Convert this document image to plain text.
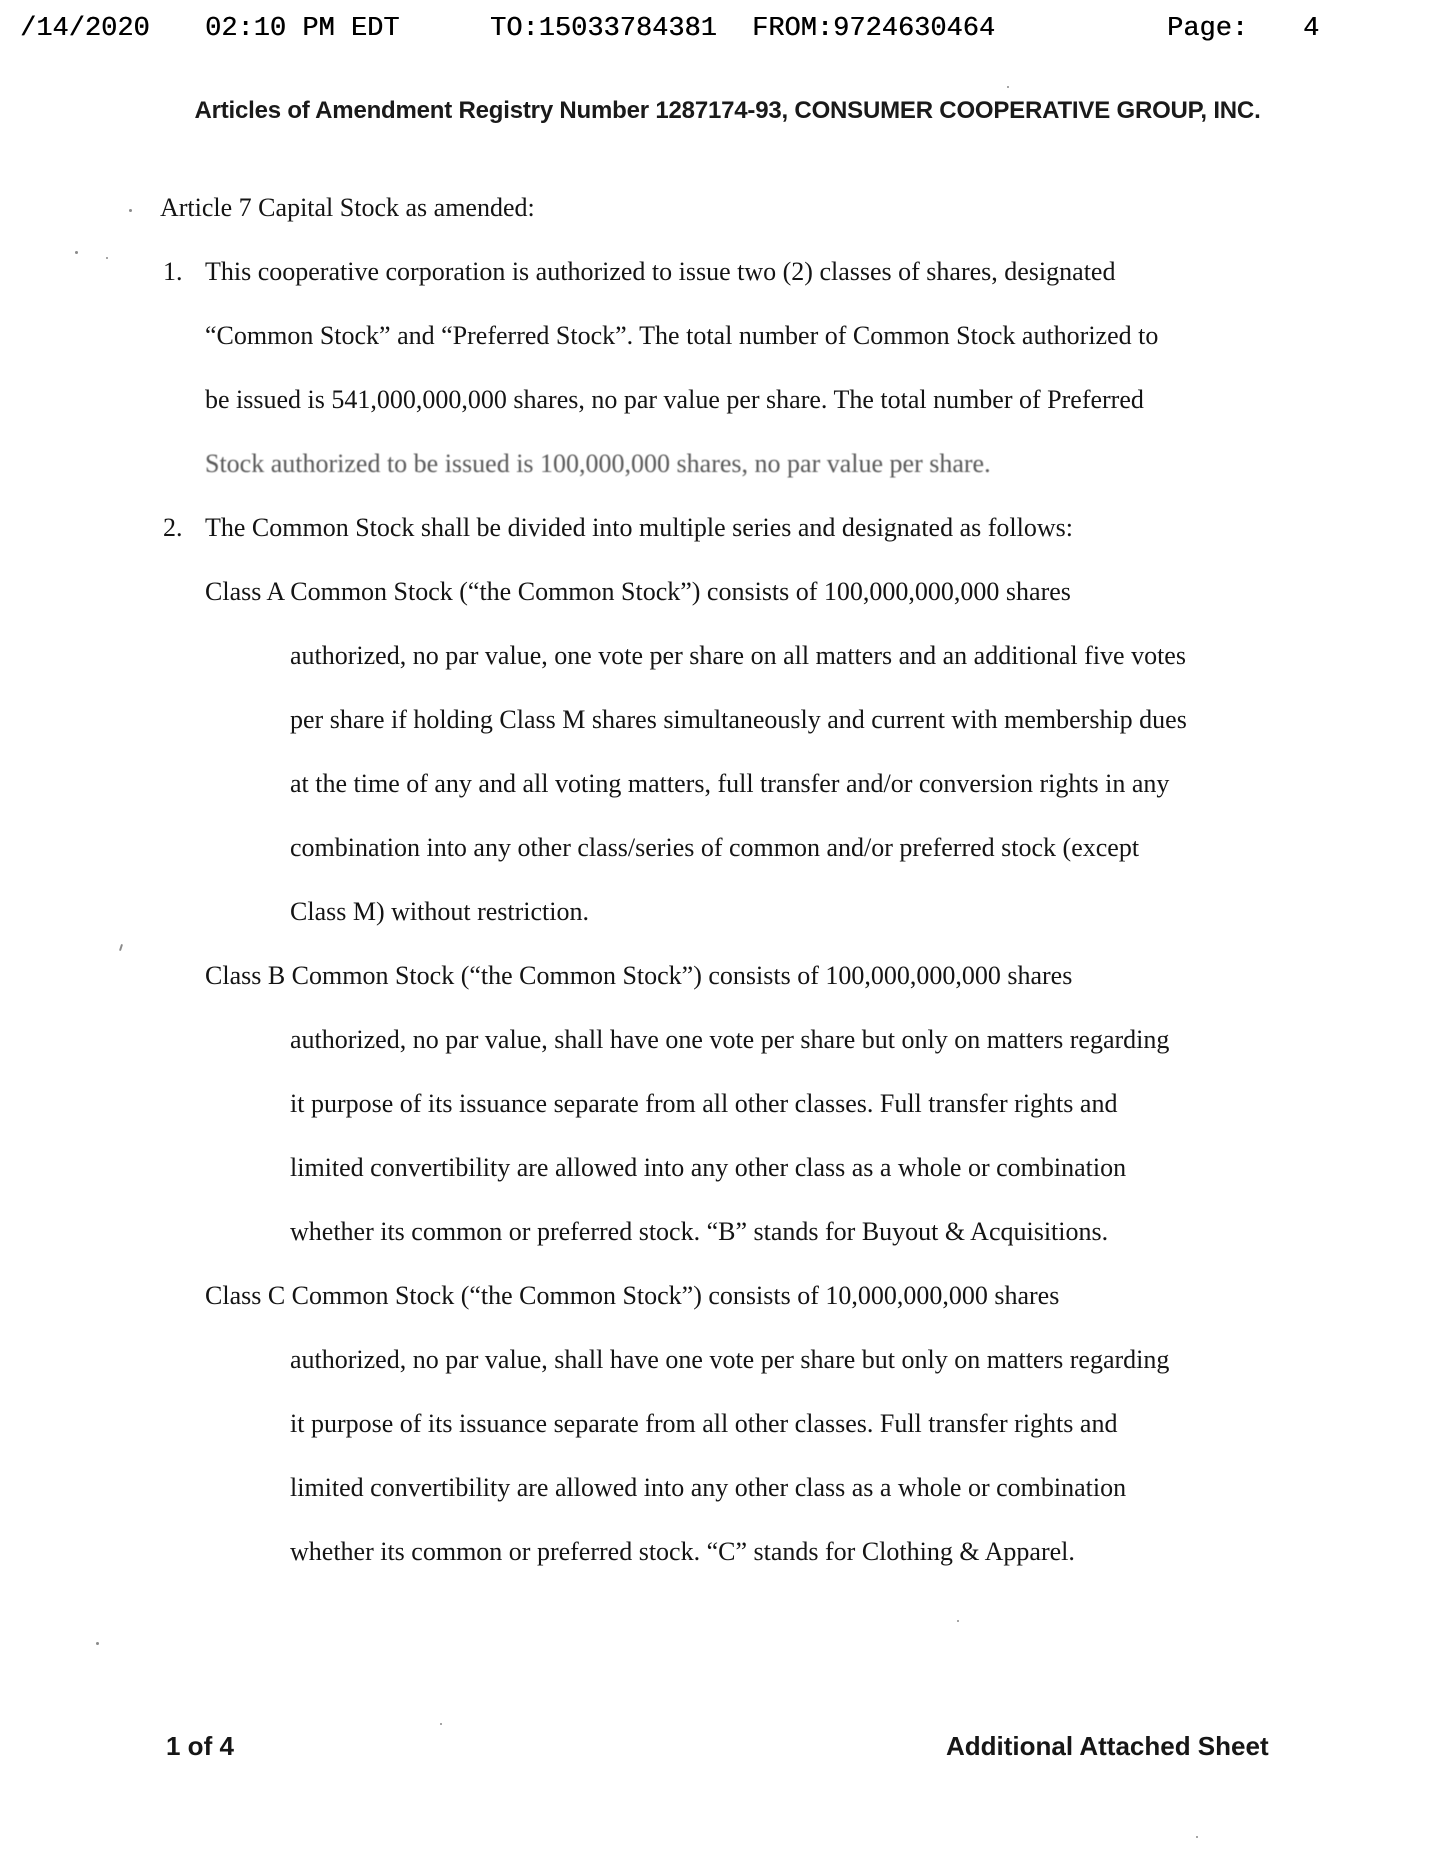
/14/2020

02:10 PM EDT

	TO:15033784381

FROM:9724630464

	Page:

4

Articles of Amendment Registry Number 1287174-93, CONSUMER COOPERATIVE GROUP, INC.
Article 7 Capital Stock as amended:
1. This cooperative corporation is authorized to issue two (2) classes of shares, designated
“Common Stock” and “Preferred Stock”. The total number of Common Stock authorized to
be issued is 541,000,000,000 shares, no par value per share. The total number of Preferred
Stock authorized to be issued is 100,000,000 shares, no par value per share.
2. The Common Stock shall be divided into multiple series and designated as follows:
Class A Common Stock (“the Common Stock”) consists of 100,000,000,000 shares
authorized, no par value, one vote per share on all matters and an additional five votes
per share if holding Class M shares simultaneously and current with membership dues
at the time of any and all voting matters, full transfer and/or conversion rights in any
combination into any other class/series of common and/or preferred stock (except
Class M) without restriction.
Class B Common Stock (“the Common Stock”) consists of 100,000,000,000 shares
authorized, no par value, shall have one vote per share but only on matters regarding
it purpose of its issuance separate from all other classes. Full transfer rights and
limited convertibility are allowed into any other class as a whole or combination
whether its common or preferred stock. “B” stands for Buyout & Acquisitions.
Class C Common Stock (“the Common Stock”) consists of 10,000,000,000 shares
authorized, no par value, shall have one vote per share but only on matters regarding
it purpose of its issuance separate from all other classes. Full transfer rights and
limited convertibility are allowed into any other class as a whole or combination
whether its common or preferred stock. “C” stands for Clothing & Apparel.
1 of 4	Additional Attached Sheet
